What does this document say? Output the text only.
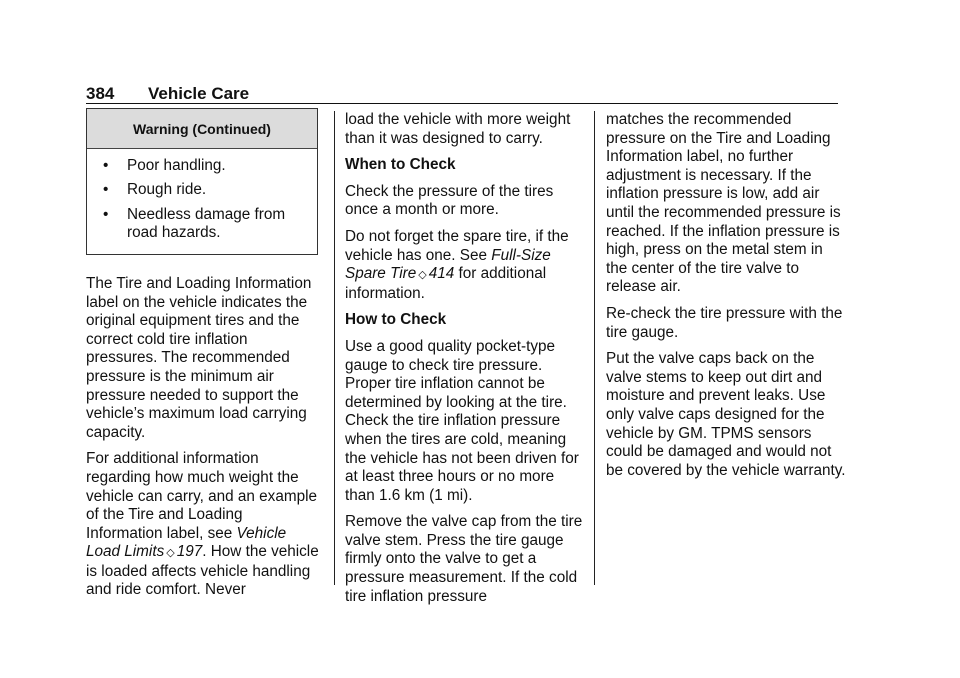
384	Vehicle Care
Warning (Continued)
• Poor handling.
• Rough ride.
• Needless damage from road hazards.

The Tire and Loading Information label on the vehicle indicates the original equipment tires and the correct cold tire inflation pressures. The recommended pressure is the minimum air pressure needed to support the vehicle’s maximum load carrying capacity.

For additional information regarding how much weight the vehicle can carry, and an example of the Tire and Loading Information label, see Vehicle Load Limits ◇ 197. How the vehicle is loaded affects vehicle handling and ride comfort. Never

load the vehicle with more weight than it was designed to carry.

When to Check

Check the pressure of the tires once a month or more.

Do not forget the spare tire, if the vehicle has one. See Full-Size Spare Tire ◇ 414 for additional information.

How to Check

Use a good quality pocket-type gauge to check tire pressure. Proper tire inflation cannot be determined by looking at the tire. Check the tire inflation pressure when the tires are cold, meaning the vehicle has not been driven for at least three hours or no more than 1.6 km (1 mi).

Remove the valve cap from the tire valve stem. Press the tire gauge firmly onto the valve to get a pressure measurement. If the cold tire inflation pressure

matches the recommended pressure on the Tire and Loading Information label, no further adjustment is necessary. If the inflation pressure is low, add air until the recommended pressure is reached. If the inflation pressure is high, press on the metal stem in the center of the tire valve to release air.

Re-check the tire pressure with the tire gauge.

Put the valve caps back on the valve stems to keep out dirt and moisture and prevent leaks. Use only valve caps designed for the vehicle by GM. TPMS sensors could be damaged and would not be covered by the vehicle warranty.
